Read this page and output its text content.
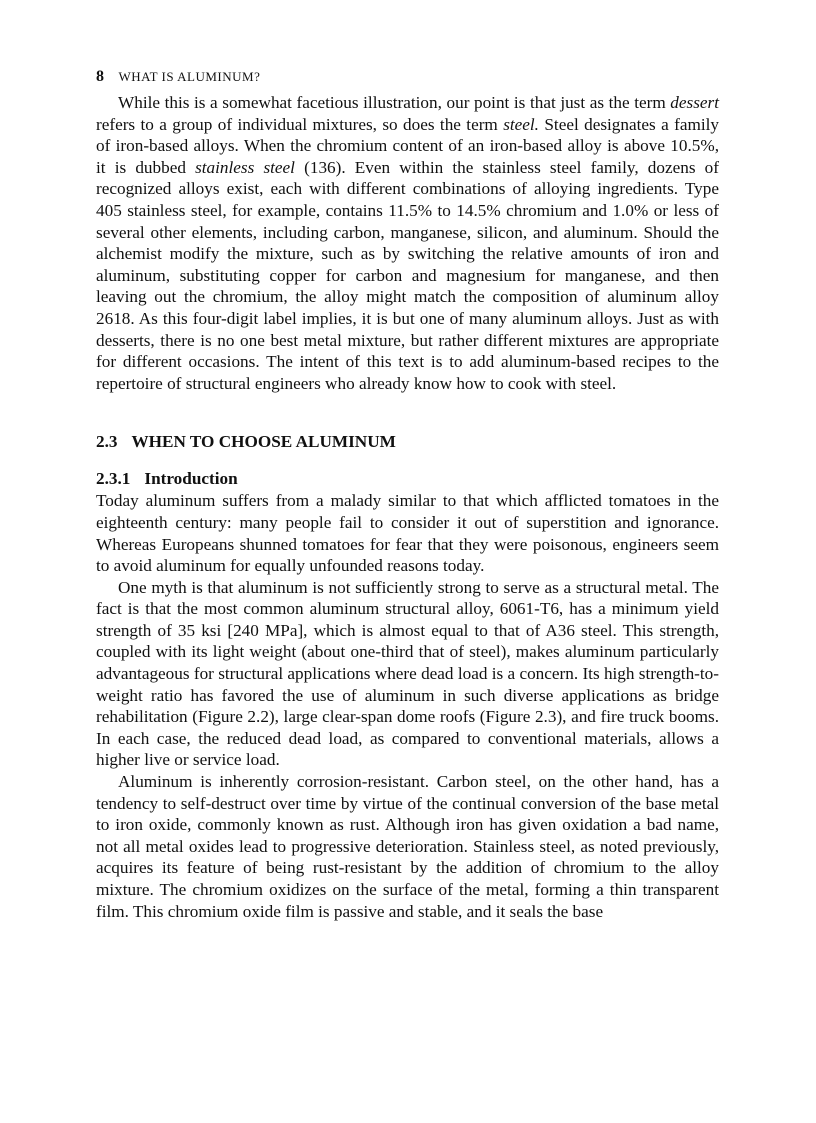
8 WHAT IS ALUMINUM?

While this is a somewhat facetious illustration, our point is that just as the term dessert refers to a group of individual mixtures, so does the term steel. Steel designates a family of iron-based alloys. When the chromium content of an iron-based alloy is above 10.5%, it is dubbed stainless steel (136). Even within the stainless steel family, dozens of recognized alloys exist, each with different combinations of alloying ingredients. Type 405 stainless steel, for example, contains 11.5% to 14.5% chromium and 1.0% or less of several other elements, including carbon, manganese, silicon, and aluminum. Should the alchemist modify the mixture, such as by switching the relative amounts of iron and aluminum, substituting copper for carbon and magnesium for manganese, and then leaving out the chromium, the alloy might match the composition of aluminum alloy 2618. As this four-digit label implies, it is but one of many aluminum alloys. Just as with desserts, there is no one best metal mixture, but rather different mixtures are appropriate for different occasions. The intent of this text is to add aluminum-based recipes to the repertoire of structural engineers who already know how to cook with steel.

2.3 WHEN TO CHOOSE ALUMINUM
2.3.1 Introduction

Today aluminum suffers from a malady similar to that which afflicted tomatoes in the eighteenth century: many people fail to consider it out of superstition and ignorance. Whereas Europeans shunned tomatoes for fear that they were poisonous, engineers seem to avoid aluminum for equally unfounded reasons today.

One myth is that aluminum is not sufficiently strong to serve as a structural metal. The fact is that the most common aluminum structural alloy, 6061-T6, has a minimum yield strength of 35 ksi [240 MPa], which is almost equal to that of A36 steel. This strength, coupled with its light weight (about one-third that of steel), makes aluminum particularly advantageous for structural applications where dead load is a concern. Its high strength-to-weight ratio has favored the use of aluminum in such diverse applications as bridge rehabilitation (Figure 2.2), large clear-span dome roofs (Figure 2.3), and fire truck booms. In each case, the reduced dead load, as compared to conventional materials, allows a higher live or service load.

Aluminum is inherently corrosion-resistant. Carbon steel, on the other hand, has a tendency to self-destruct over time by virtue of the continual conversion of the base metal to iron oxide, commonly known as rust. Although iron has given oxidation a bad name, not all metal oxides lead to progressive deterioration. Stainless steel, as noted previously, acquires its feature of being rust-resistant by the addition of chromium to the alloy mixture. The chromium oxidizes on the surface of the metal, forming a thin transparent film. This chromium oxide film is passive and stable, and it seals the base
